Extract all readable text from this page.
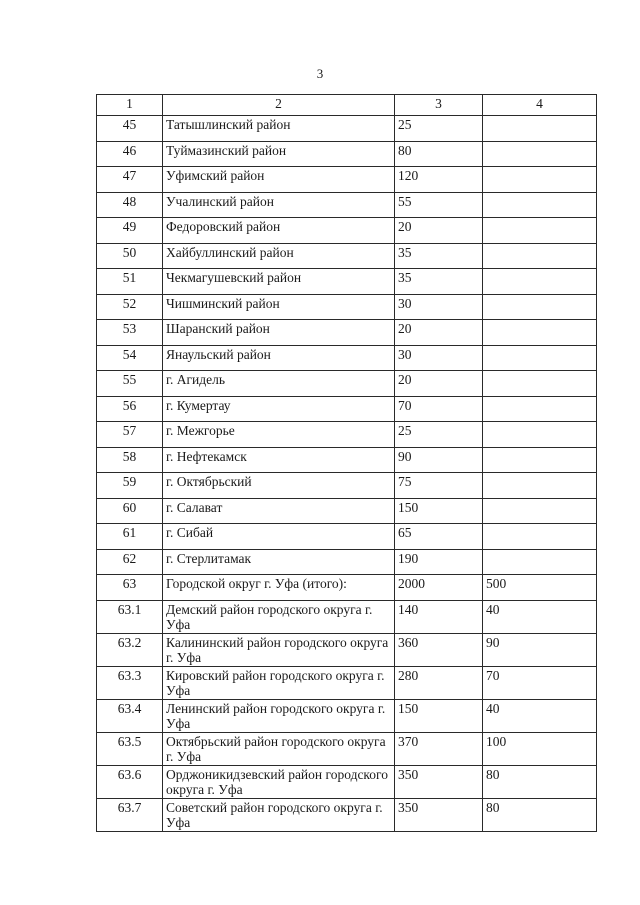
3
1	2	3	4
45	Татышлинский район	25	
46	Туймазинский район	80	
47	Уфимский район	120	
48	Учалинский район	55	
49	Федоровский район	20	
50	Хайбуллинский район	35	
51	Чекмагушевский район	35	
52	Чишминский район	30	
53	Шаранский район	20	
54	Янаульский район	30	
55	г. Агидель	20	
56	г. Кумертау	70	
57	г. Межгорье	25	
58	г. Нефтекамск	90	
59	г. Октябрьский	75	
60	г. Салават	150	
61	г. Сибай	65	
62	г. Стерлитамак	190	
63	Городской округ г. Уфа (итого):	2000	500
63.1	Демский район городского округа г. Уфа	140	40
63.2	Калининский район городского округа г. Уфа	360	90
63.3	Кировский район городского округа г. Уфа	280	70
63.4	Ленинский район городского округа г. Уфа	150	40
63.5	Октябрьский район городского округа г. Уфа	370	100
63.6	Орджоникидзевский район городского округа г. Уфа	350	80
63.7	Советский район городского округа г. Уфа	350	80
